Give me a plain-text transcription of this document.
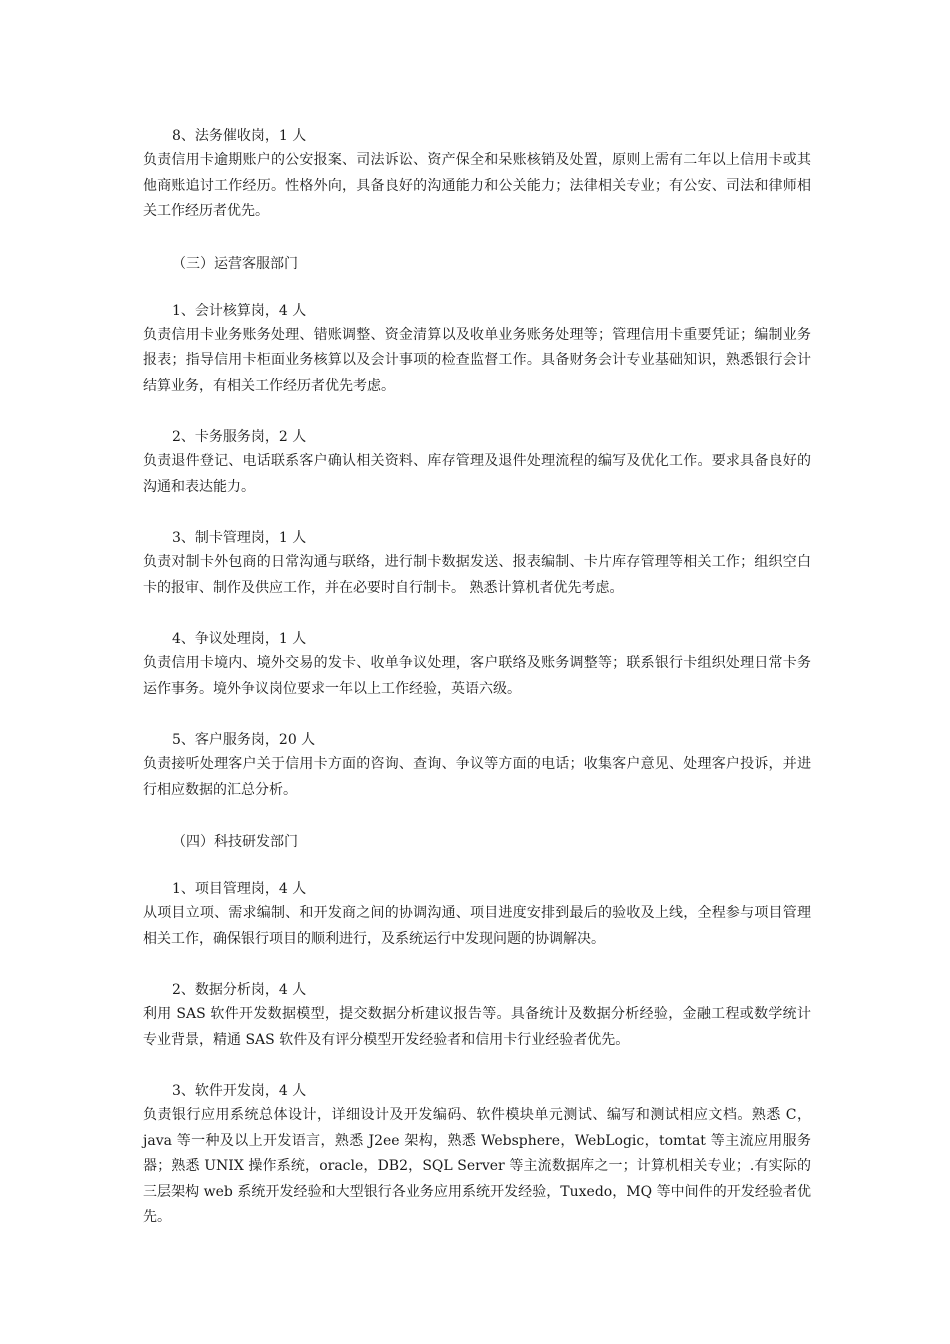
8、法务催收岗，1 人

负责信用卡逾期账户的公安报案、司法诉讼、资产保全和呆账核销及处置，原则上需有二年以上信用卡或其他商账追讨工作经历。性格外向，具备良好的沟通能力和公关能力；法律相关专业；有公安、司法和律师相关工作经历者优先。

（三）运营客服部门

1、会计核算岗，4 人

负责信用卡业务账务处理、错账调整、资金清算以及收单业务账务处理等；管理信用卡重要凭证；编制业务报表；指导信用卡柜面业务核算以及会计事项的检查监督工作。具备财务会计专业基础知识，熟悉银行会计结算业务，有相关工作经历者优先考虑。

2、卡务服务岗，2 人

负责退件登记、电话联系客户确认相关资料、库存管理及退件处理流程的编写及优化工作。要求具备良好的沟通和表达能力。

3、制卡管理岗，1 人

负责对制卡外包商的日常沟通与联络，进行制卡数据发送、报表编制、卡片库存管理等相关工作；组织空白卡的报审、制作及供应工作，并在必要时自行制卡。 熟悉计算机者优先考虑。

4、争议处理岗，1 人

负责信用卡境内、境外交易的发卡、收单争议处理，客户联络及账务调整等；联系银行卡组织处理日常卡务运作事务。境外争议岗位要求一年以上工作经验，英语六级。

5、客户服务岗，20 人

负责接听处理客户关于信用卡方面的咨询、查询、争议等方面的电话；收集客户意见、处理客户投诉，并进行相应数据的汇总分析。

（四）科技研发部门

1、项目管理岗，4 人

从项目立项、需求编制、和开发商之间的协调沟通、项目进度安排到最后的验收及上线，全程参与项目管理相关工作，确保银行项目的顺利进行，及系统运行中发现问题的协调解决。

2、数据分析岗，4 人

利用 SAS 软件开发数据模型，提交数据分析建议报告等。具备统计及数据分析经验，金融工程或数学统计专业背景，精通 SAS 软件及有评分模型开发经验者和信用卡行业经验者优先。

3、软件开发岗，4 人

负责银行应用系统总体设计，详细设计及开发编码、软件模块单元测试、编写和测试相应文档。熟悉 C，java 等一种及以上开发语言，熟悉 J2ee 架构，熟悉 Websphere，WebLogic，tomtat 等主流应用服务器；熟悉 UNIX 操作系统，oracle，DB2，SQL Server 等主流数据库之一；计算机相关专业；.有实际的三层架构 web 系统开发经验和大型银行各业务应用系统开发经验，Tuxedo，MQ 等中间件的开发经验者优先。
